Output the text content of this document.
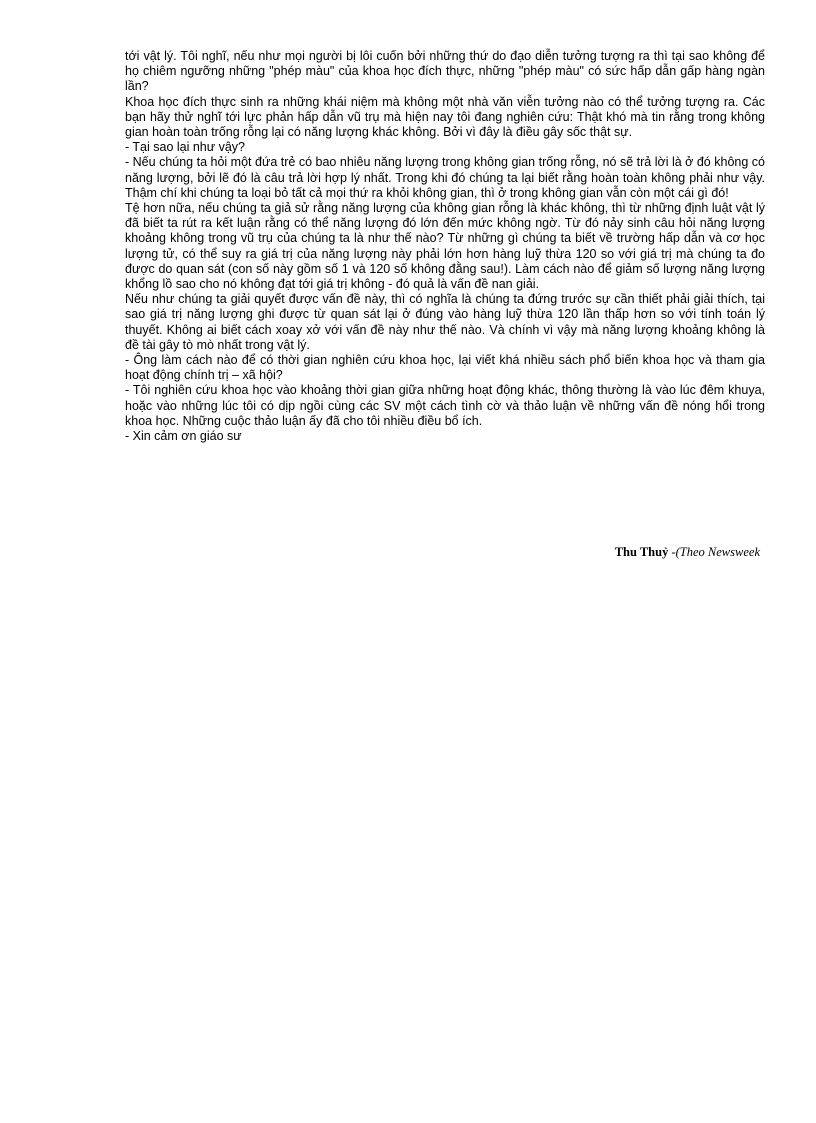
tới vật lý. Tôi nghĩ, nếu như mọi người bị lôi cuốn bởi những thứ do đạo diễn tưởng tượng ra thì tại sao không để họ chiêm ngưỡng những "phép màu" của khoa học đích thực, những "phép màu" có sức hấp dẫn gấp hàng ngàn lần?

Khoa học đích thực sinh ra những khái niệm mà không một nhà văn viễn tưởng nào có thể tưởng tượng ra. Các bạn hãy thử nghĩ tới lực phản hấp dẫn vũ trụ mà hiện nay tôi đang nghiên cứu: Thật khó mà tin rằng trong không gian hoàn toàn trống rỗng lại có năng lượng khác không. Bởi vì đây là điều gây sốc thật sự.

- Tại sao lại như vậy?

- Nếu chúng ta hỏi một đứa trẻ có bao nhiêu năng lượng trong không gian trống rỗng, nó sẽ trả lời là ở đó không có năng lượng, bởi lẽ đó là câu trả lời hợp lý nhất. Trong khi đó chúng ta lại biết rằng hoàn toàn không phải như vậy. Thậm chí khi chúng ta loại bỏ tất cả mọi thứ ra khỏi không gian, thì ở trong không gian vẫn còn một cái gì đó!

Tệ hơn nữa, nếu chúng ta giả sử rằng năng lượng của không gian rỗng là khác không, thì từ những định luật vật lý đã biết ta rút ra kết luận rằng có thể năng lượng đó lớn đến mức không ngờ. Từ đó nảy sinh câu hỏi năng lượng khoảng không trong vũ trụ của chúng ta là như thế nào? Từ những gì chúng ta biết về trường hấp dẫn và cơ học lượng tử, có thể suy ra giá trị của năng lượng này phải lớn hơn hàng luỹ thừa 120 so với giá trị mà chúng ta đo được do quan sát (con số này gồm số 1 và 120 số không đằng sau!). Làm cách nào để giảm số lượng năng lượng khổng lồ sao cho nó không đạt tới giá trị không - đó quả là vấn đề nan giải.

Nếu như chúng ta giải quyết được vấn đề này, thì có nghĩa là chúng ta đứng trước sự cần thiết phải giải thích, tại sao giá trị năng lượng ghi được từ quan sát lại ở đúng vào hàng luỹ thừa 120 lần thấp hơn so với tính toán lý thuyết. Không ai biết cách xoay xở với vấn đề này như thế nào. Và chính vì vậy mà năng lượng khoảng không là đề tài gây tò mò nhất trong vật lý.

- Ông làm cách nào để có thời gian nghiên cứu khoa học, lại viết khá nhiều sách phổ biến khoa học và tham gia hoạt động chính trị – xã hội?

- Tôi nghiên cứu khoa học vào khoảng thời gian giữa những hoạt động khác, thông thường là vào lúc đêm khuya, hoặc vào những lúc tôi có dịp ngồi cùng các SV một cách tình cờ và thảo luận về những vấn đề nóng hổi trong khoa học. Những cuộc thảo luận ấy đã cho tôi nhiều điều bổ ích.

- Xin cảm ơn giáo sư

Thu Thuỷ -(Theo Newsweek
